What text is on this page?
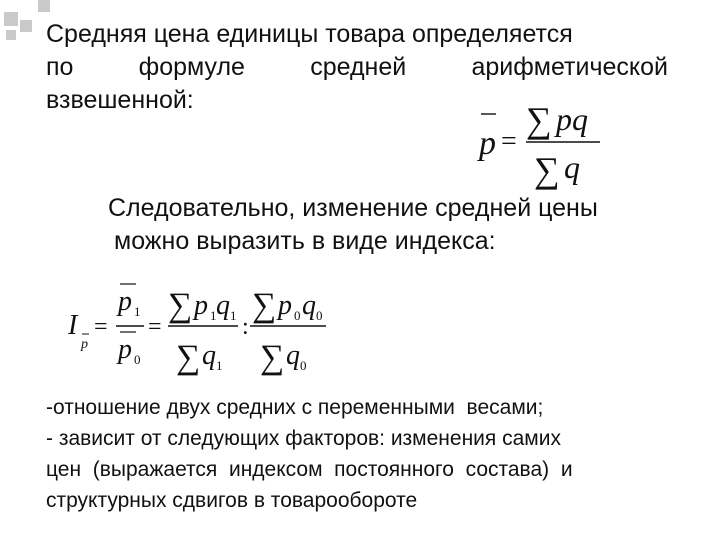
Средняя цена единицы товара определяется
по	формуле	средней	арифметической
взвешенной:
p =
∑ pq
∑ q
Следовательно, изменение средней цены
можно выразить в виде индекса:
I
p
=
p 1
p 0
=
∑ p 1 q 1
∑ q 1
:
∑ p 0 q 0
∑ q 0
-отношение двух средних с переменными  весами;
- зависит от следующих факторов: изменения самих
цен  (выражается  индексом  постоянного  состава)  и
структурных сдвигов в товарообороте
